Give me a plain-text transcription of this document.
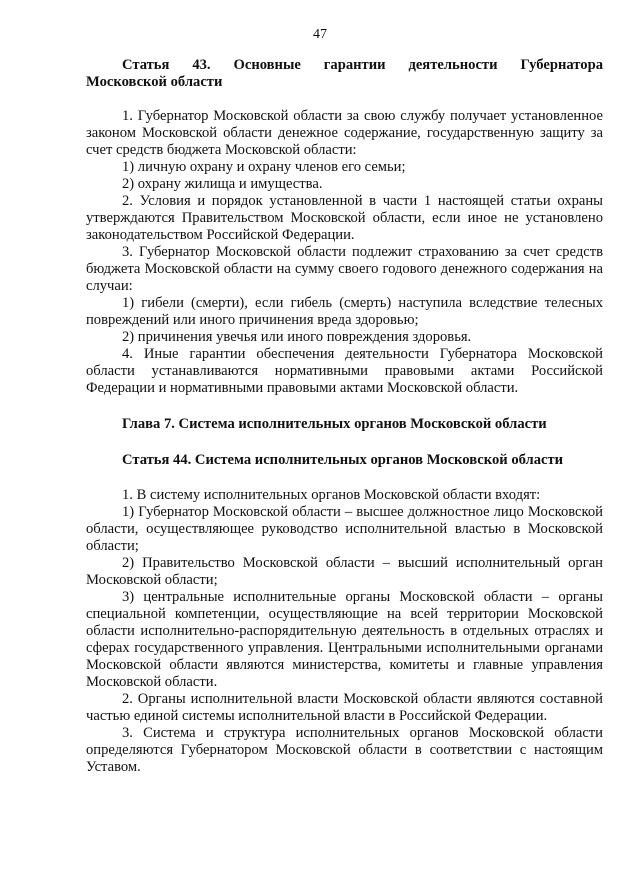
47

Статья 43. Основные гарантии деятельности Губернатора

Московской области

1. Губернатор Московской области за свою службу получает установленное законом Московской области денежное содержание, государственную защиту за счет средств бюджета Московской области:

1) личную охрану и охрану членов его семьи;

2) охрану жилища и имущества.

2. Условия и порядок установленной в части 1 настоящей статьи охраны утверждаются Правительством Московской области, если иное не установлено законодательством Российской Федерации.

3. Губернатор Московской области подлежит страхованию за счет средств бюджета Московской области на сумму своего годового денежного содержания на случаи:

1) гибели (смерти), если гибель (смерть) наступила вследствие телесных повреждений или иного причинения вреда здоровью;

2) причинения увечья или иного повреждения здоровья.

4. Иные гарантии обеспечения деятельности Губернатора Московской области устанавливаются нормативными правовыми актами Российской Федерации и нормативными правовыми актами Московской области.

Глава 7. Система исполнительных органов Московской области

Статья 44. Система исполнительных органов Московской области

1. В систему исполнительных органов Московской области входят:

1) Губернатор Московской области – высшее должностное лицо Московской области, осуществляющее руководство исполнительной властью в Московской области;

2) Правительство Московской области – высший исполнительный орган Московской области;

3) центральные исполнительные органы Московской области – органы специальной компетенции, осуществляющие на всей территории Московской области исполнительно-распорядительную деятельность в отдельных отраслях и сферах государственного управления. Центральными исполнительными органами Московской области являются министерства, комитеты и главные управления Московской области.

2. Органы исполнительной власти Московской области являются составной частью единой системы исполнительной власти в Российской Федерации.

3. Система и структура исполнительных органов Московской области определяются Губернатором Московской области в соответствии с настоящим Уставом.
